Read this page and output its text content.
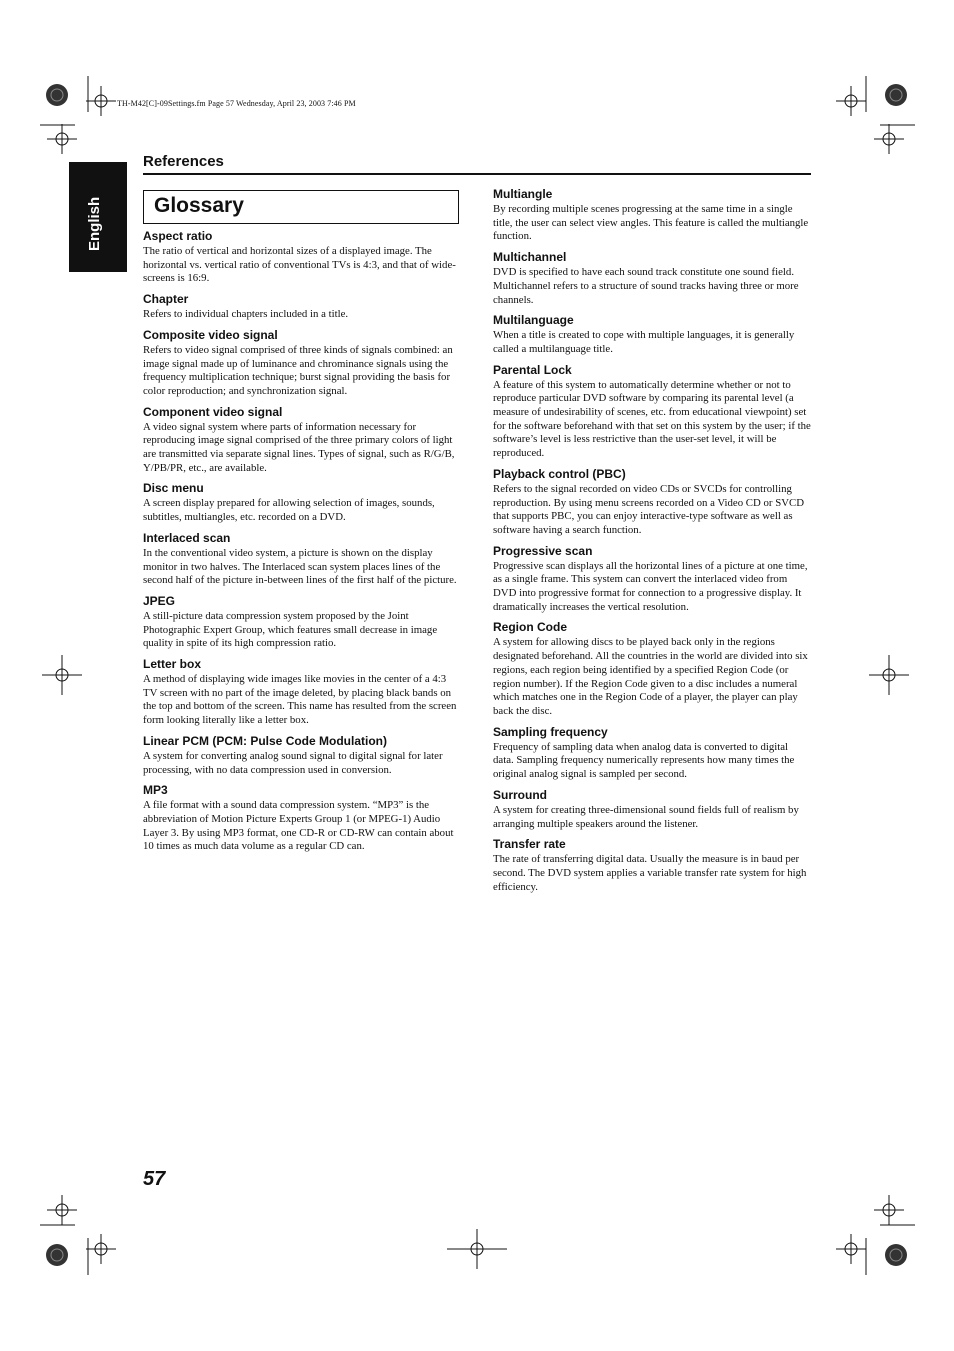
TH-M42[C]-09Settings.fm Page 57 Wednesday, April 23, 2003 7:46 PM
English
References
Glossary

Aspect ratio

The ratio of vertical and horizontal sizes of a displayed image. The horizontal vs. vertical ratio of conventional TVs is 4:3, and that of wide-screens is 16:9.

Chapter

Refers to individual chapters included in a title.

Composite video signal

Refers to video signal comprised of three kinds of signals combined: an image signal made up of luminance and chrominance signals using the frequency multiplication technique; burst signal providing the basis for color reproduction; and synchronization signal.

Component video signal

A video signal system where parts of information necessary for reproducing image signal comprised of the three primary colors of light are transmitted via separate signal lines. Types of signal, such as R/G/B, Y/PB/PR, etc., are available.

Disc menu

A screen display prepared for allowing selection of images, sounds, subtitles, multiangles, etc. recorded on a DVD.

Interlaced scan

In the conventional video system, a picture is shown on the display monitor in two halves. The Interlaced scan system places lines of the second half of the picture in-between lines of the first half of the picture.

JPEG

A still-picture data compression system proposed by the Joint Photographic Expert Group, which features small decrease in image quality in spite of its high compression ratio.

Letter box

A method of displaying wide images like movies in the center of a 4:3 TV screen with no part of the image deleted, by placing black bands on the top and bottom of the screen. This name has resulted from the screen form looking literally like a letter box.

Linear PCM (PCM: Pulse Code Modulation)

A system for converting analog sound signal to digital signal for later processing, with no data compression used in conversion.

MP3

A file format with a sound data compression system. “MP3” is the abbreviation of Motion Picture Experts Group 1 (or MPEG-1) Audio Layer 3. By using MP3 format, one CD-R or CD-RW can contain about 10 times as much data volume as a regular CD can.

Multiangle

By recording multiple scenes progressing at the same time in a single title, the user can select view angles. This feature is called the multiangle function.

Multichannel

DVD is specified to have each sound track constitute one sound field. Multichannel refers to a structure of sound tracks having three or more channels.

Multilanguage

When a title is created to cope with multiple languages, it is generally called a multilanguage title.

Parental Lock

A feature of this system to automatically determine whether or not to reproduce particular DVD software by comparing its parental level (a measure of undesirability of scenes, etc. from educational viewpoint) set for the software beforehand with that set on this system by the user; if the software’s level is less restrictive than the user-set level, it will be reproduced.

Playback control (PBC)

Refers to the signal recorded on video CDs or SVCDs for controlling reproduction. By using menu screens recorded on a Video CD or SVCD that supports PBC, you can enjoy interactive-type software as well as software having a search function.

Progressive scan

Progressive scan displays all the horizontal lines of a picture at one time, as a single frame. This system can convert the interlaced video from DVD into progressive format for connection to a progressive display. It dramatically increases the vertical resolution.

Region Code

A system for allowing discs to be played back only in the regions designated beforehand. All the countries in the world are divided into six regions, each region being identified by a specified Region Code (or region number). If the Region Code given to a disc includes a numeral which matches one in the Region Code of a player, the player can play back the disc.

Sampling frequency

Frequency of sampling data when analog data is converted to digital data. Sampling frequency numerically represents how many times the original analog signal is sampled per second.

Surround

A system for creating three-dimensional sound fields full of realism by arranging multiple speakers around the listener.

Transfer rate

The rate of transferring digital data. Usually the measure is in baud per second. The DVD system applies a variable transfer rate system for high efficiency.

57
